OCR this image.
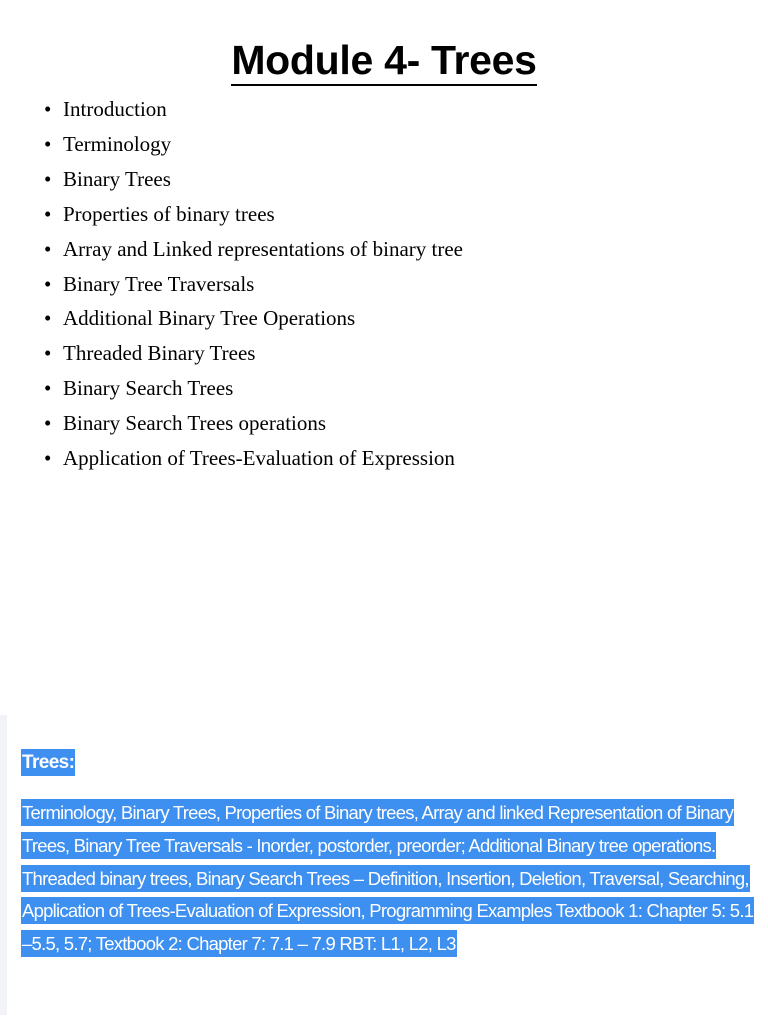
Module 4- Trees
• Introduction
• Terminology
• Binary Trees
• Properties of binary trees
• Array and Linked representations of binary tree
• Binary Tree Traversals
• Additional Binary Tree Operations
• Threaded Binary Trees
• Binary Search Trees
• Binary Search Trees operations
• Application of Trees-Evaluation of Expression

Trees:

Terminology, Binary Trees, Properties of Binary trees, Array and linked Representation of Binary Trees, Binary Tree Traversals - Inorder, postorder, preorder; Additional Binary tree operations. Threaded binary trees, Binary Search Trees – Definition, Insertion, Deletion, Traversal, Searching, Application of Trees-Evaluation of Expression, Programming Examples Textbook 1: Chapter 5: 5.1 –5.5, 5.7; Textbook 2: Chapter 7: 7.1 – 7.9 RBT: L1, L2, L3
